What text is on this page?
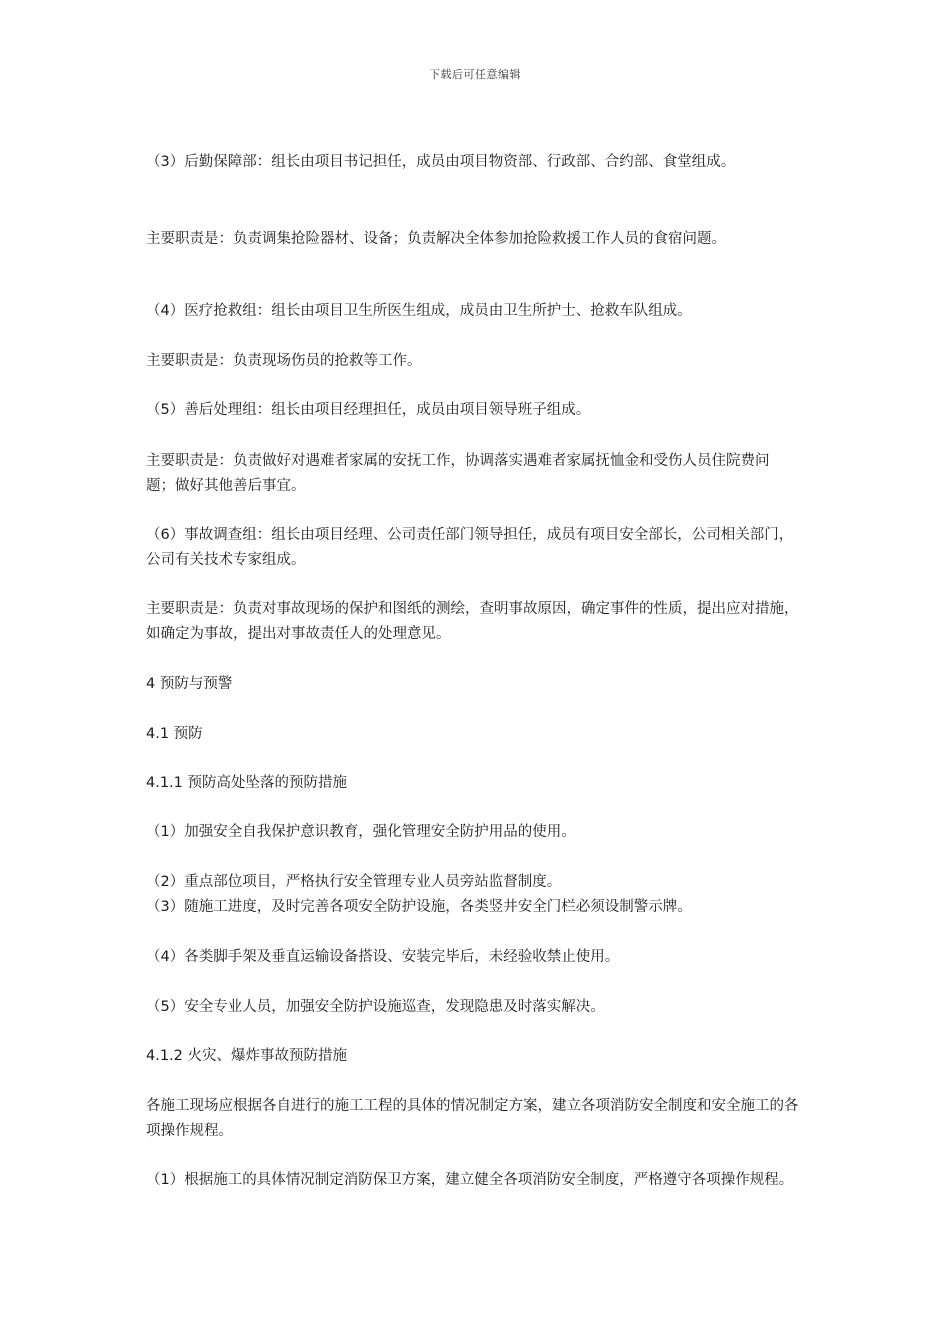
下载后可任意编辑

（3）后勤保障部：组长由项目书记担任，成员由项目物资部、行政部、合约部、食堂组成。

主要职责是：负责调集抢险器材、设备；负责解决全体参加抢险救援工作人员的食宿问题。

（4）医疗抢救组：组长由项目卫生所医生组成，成员由卫生所护士、抢救车队组成。

主要职责是：负责现场伤员的抢救等工作。

（5）善后处理组：组长由项目经理担任，成员由项目领导班子组成。

主要职责是：负责做好对遇难者家属的安抚工作，协调落实遇难者家属抚恤金和受伤人员住院费问题；做好其他善后事宜。

（6）事故调查组：组长由项目经理、公司责任部门领导担任，成员有项目安全部长，公司相关部门，公司有关技术专家组成。

主要职责是：负责对事故现场的保护和图纸的测绘，查明事故原因，确定事件的性质，提出应对措施，如确定为事故，提出对事故责任人的处理意见。

4 预防与预警

4.1 预防

4.1.1 预防高处坠落的预防措施

（1）加强安全自我保护意识教育，强化管理安全防护用品的使用。

（2）重点部位项目，严格执行安全管理专业人员旁站监督制度。

（3）随施工进度，及时完善各项安全防护设施，各类竖井安全门栏必须设制警示牌。

（4）各类脚手架及垂直运输设备搭设、安装完毕后，未经验收禁止使用。

（5）安全专业人员，加强安全防护设施巡查，发现隐患及时落实解决。

4.1.2 火灾、爆炸事故预防措施

各施工现场应根据各自进行的施工工程的具体的情况制定方案，建立各项消防安全制度和安全施工的各项操作规程。

（1）根据施工的具体情况制定消防保卫方案，建立健全各项消防安全制度，严格遵守各项操作规程。
